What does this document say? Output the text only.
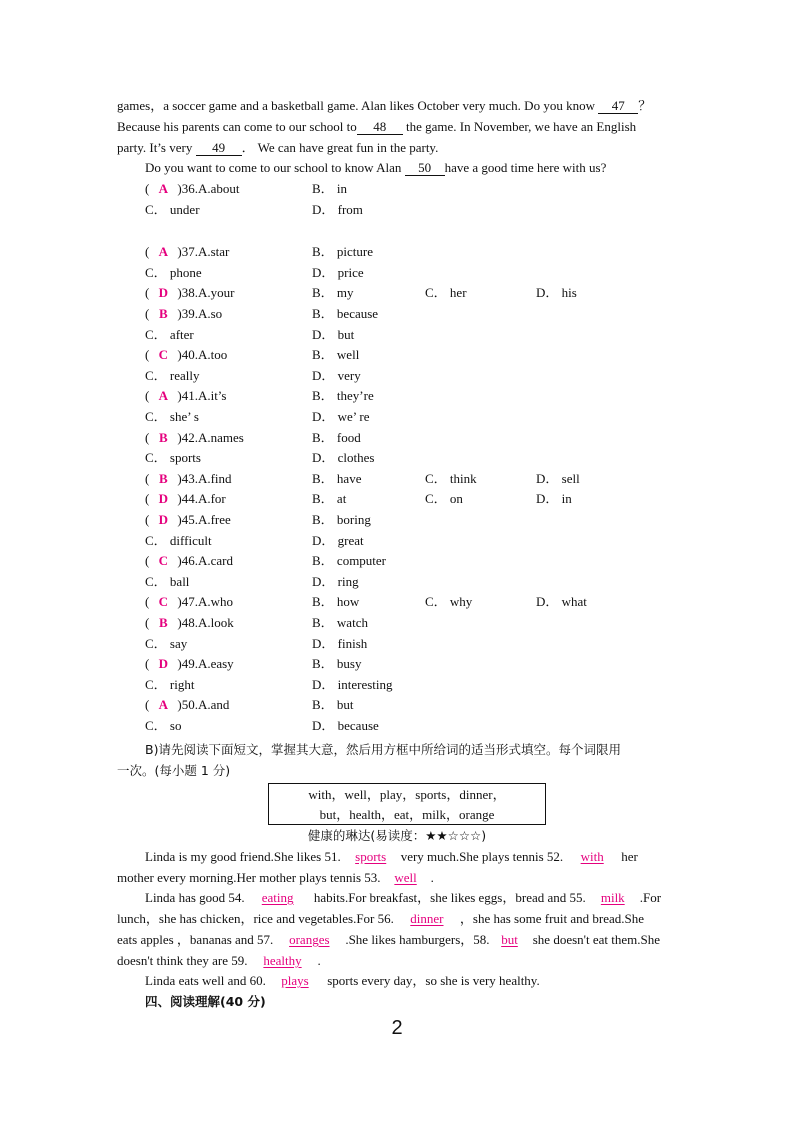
games，a soccer game and a basketball game. Alan likes October very much. Do you know 47 ？
Because his parents can come to our school to 48 the game. In November, we have an English
party. It’s very 49 ． We can have great fun in the party.
Do you want to come to our school to know Alan 50 have a good time here with us?
( A )36.A.about	B． in
C． under	D． from
( A )37.A.star	B． picture
C． phone	D． price
( D )38.A.your	B． my	C． her	D． his
( B )39.A.so	B． because
C． after	D． but
( C )40.A.too	B． well
C． really	D． very
( A )41.A.it’s	B． they’re
C． she’ s	D． we’ re
( B )42.A.names	B． food
C． sports	D． clothes
( B )43.A.find	B． have	C． think	D． sell
( D )44.A.for	B． at	C． on	D． in
( D )45.A.free	B． boring
C． difficult	D． great
( C )46.A.card	B． computer
C． ball	D． ring
( C )47.A.who	B． how	C． why	D． what
( B )48.A.look	B． watch
C． say	D． finish
( D )49.A.easy	B． busy
C． right	D． interesting
( A )50.A.and	B． but
C． so	D． because
B)请先阅读下面短文，掌握其大意，然后用方框中所给词的适当形式填空。每个词限用
一次。(每小题 1 分)
with，well，play，sports，dinner，
but，health，eat，milk，orange
健康的琳达(易读度：★★☆☆☆)
Linda is my good friend.She likes 51. sports very much.She plays tennis 52. with her
mother every morning.Her mother plays tennis 53. well .
Linda has good 54. eating habits.For breakfast，she likes eggs，bread and 55. milk .For
lunch，she has chicken，rice and vegetables.For 56. dinner ，she has some fruit and bread.She
eats apples ，bananas and 57. oranges .She likes hamburgers，58. but she doesn't eat them.She
doesn't think they are 59. healthy .
Linda eats well and 60. plays sports every day，so she is very healthy.
四、阅读理解(40 分)
2
